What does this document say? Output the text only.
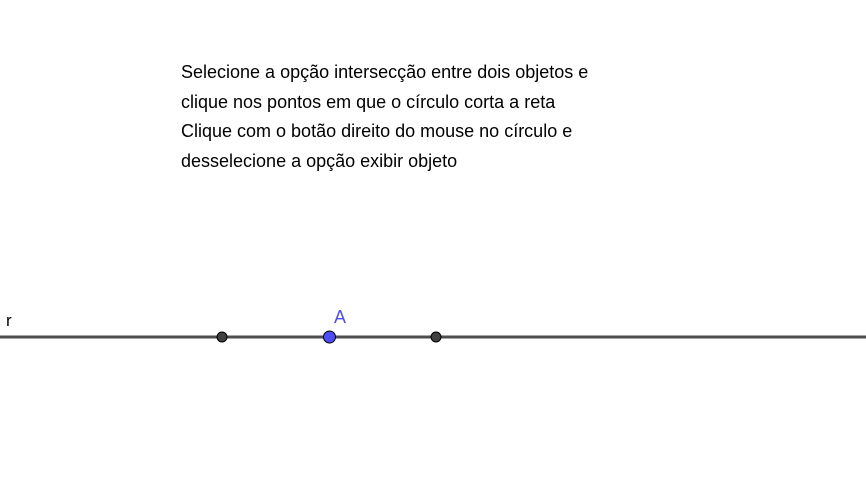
Selecione a opção intersecção entre dois objetos e
clique nos pontos em que o círculo corta a reta
Clique com o botão direito do mouse no círculo e
desselecione a opção exibir objeto
r	A
